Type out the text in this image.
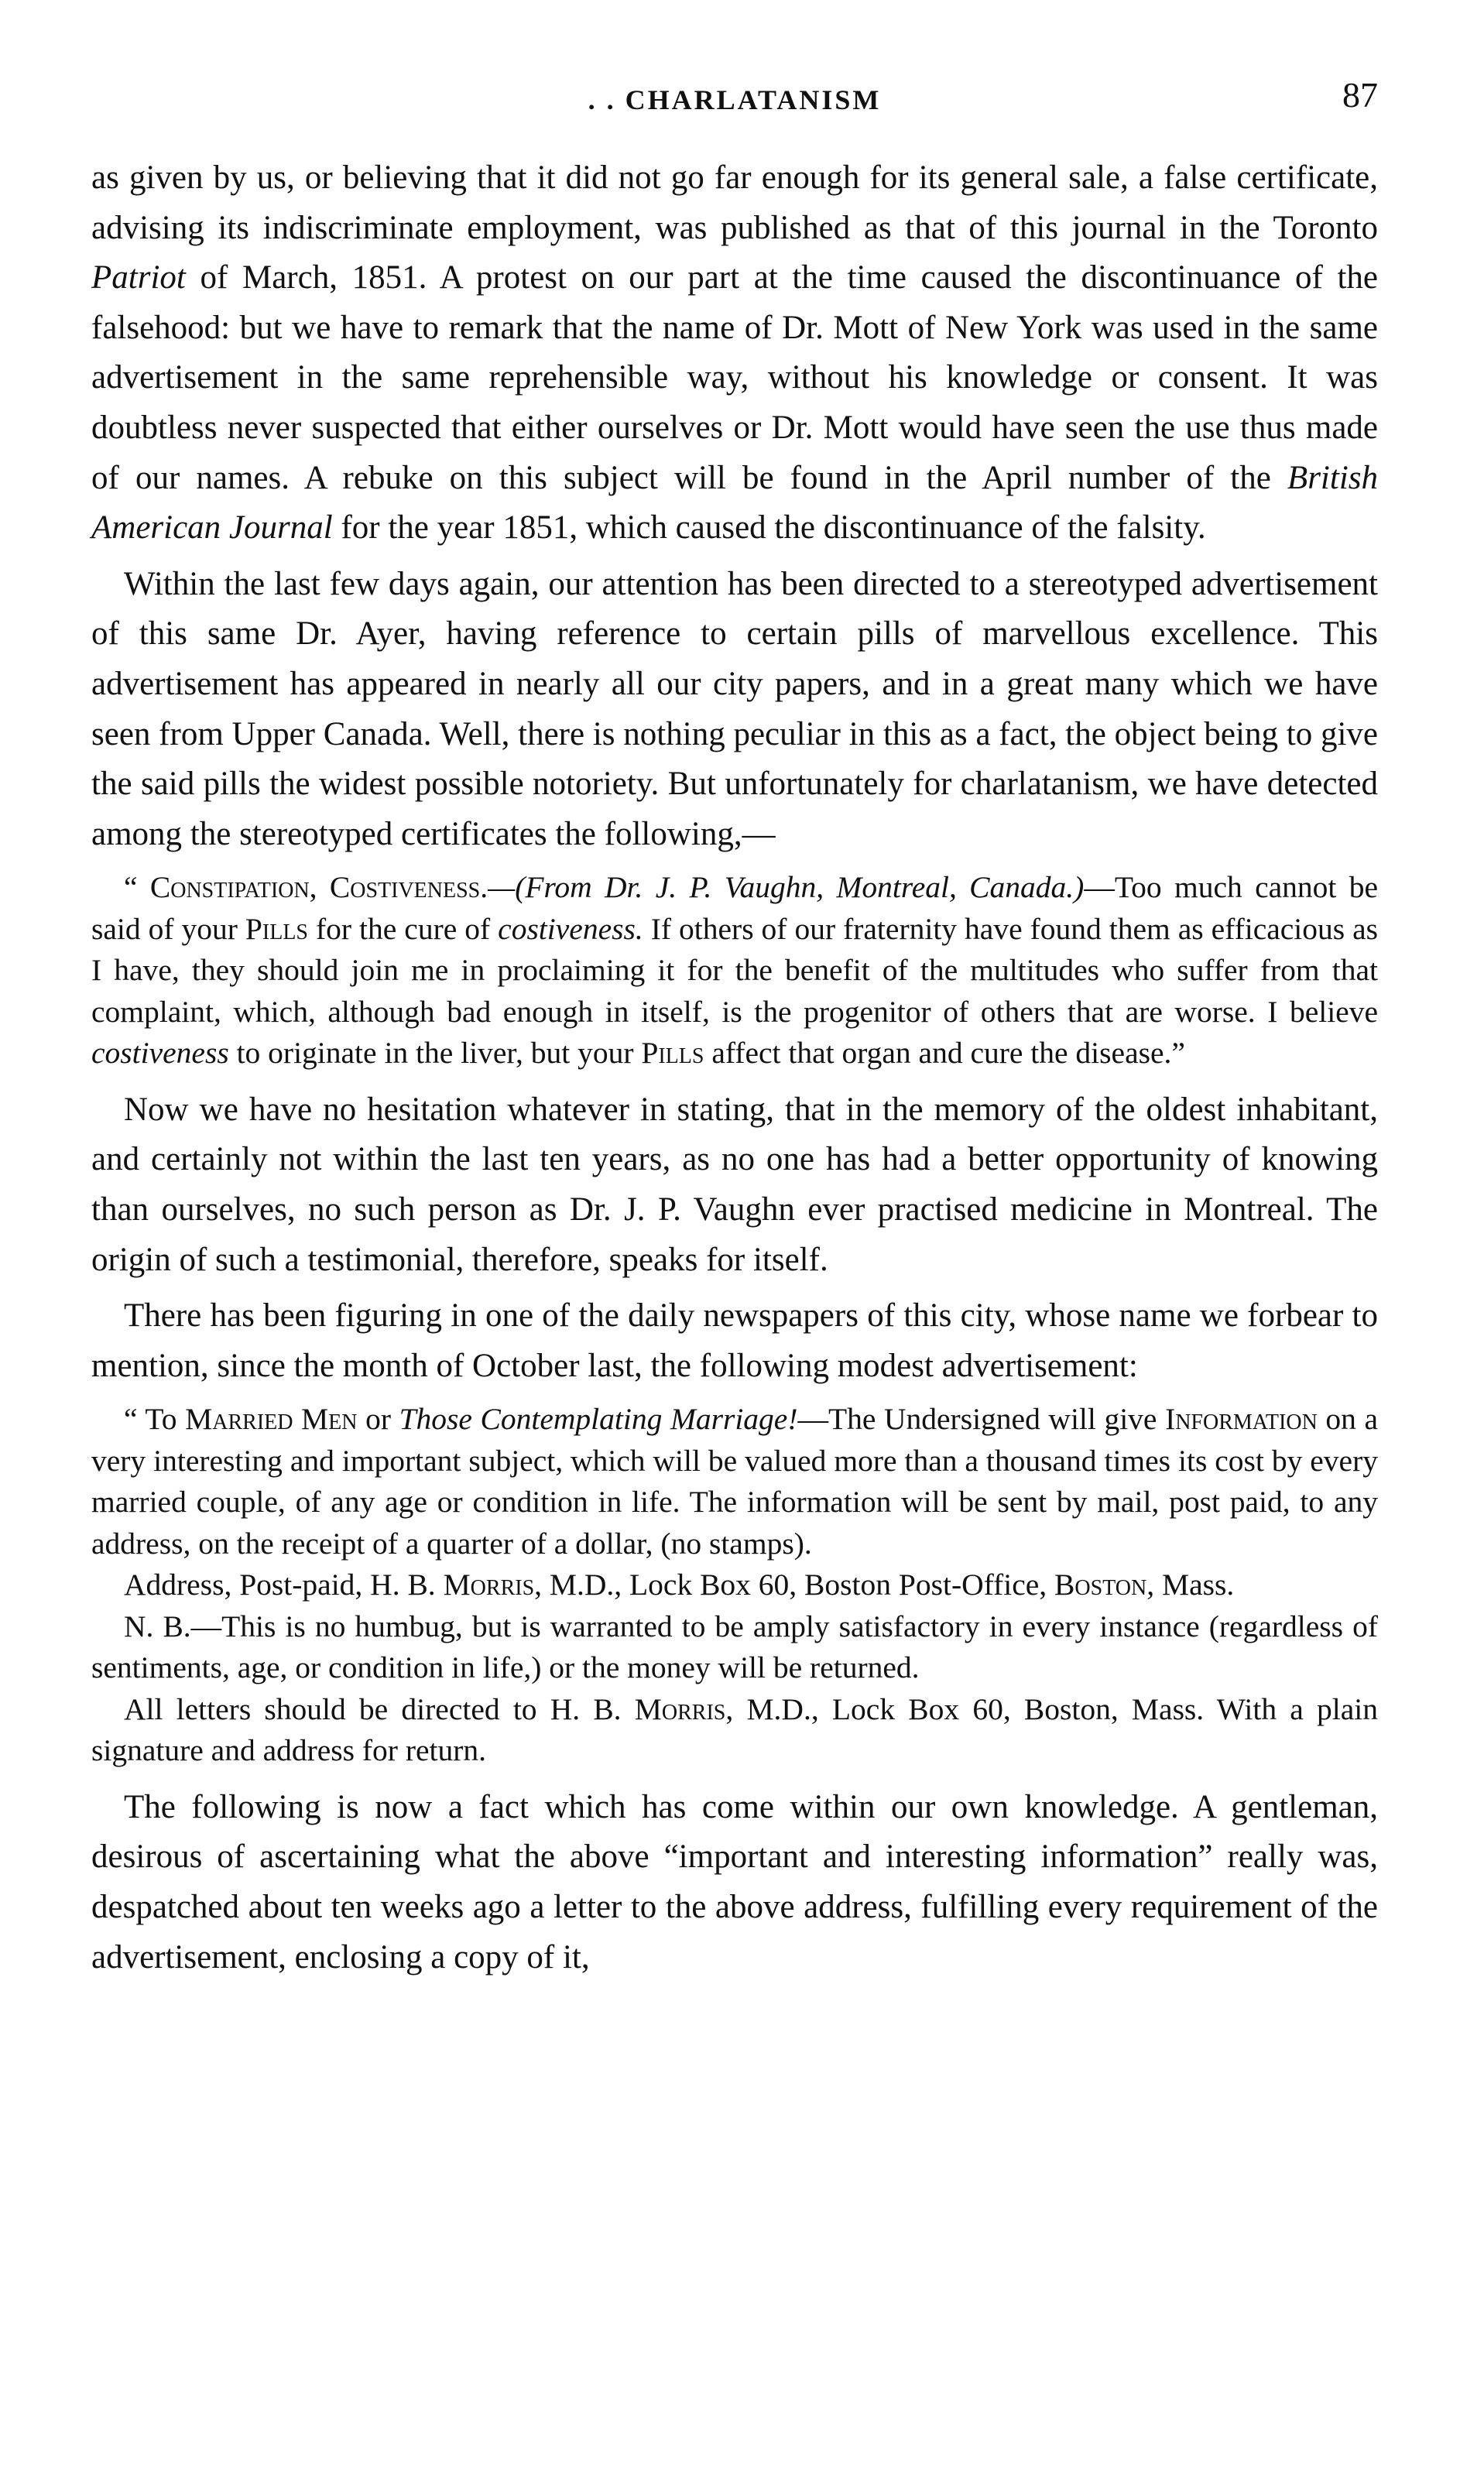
. . CHARLATANISM	87

as given by us, or believing that it did not go far enough for its general sale, a false certificate, advising its indiscriminate employment, was published as that of this journal in the Toronto Patriot of March, 1851. A protest on our part at the time caused the discontinuance of the falsehood: but we have to remark that the name of Dr. Mott of New York was used in the same advertisement in the same reprehensible way, without his knowledge or consent. It was doubtless never suspected that either ourselves or Dr. Mott would have seen the use thus made of our names. A rebuke on this subject will be found in the April number of the British American Journal for the year 1851, which caused the discontinuance of the falsity.

Within the last few days again, our attention has been directed to a stereotyped advertisement of this same Dr. Ayer, having reference to certain pills of marvellous excellence. This advertisement has appeared in nearly all our city papers, and in a great many which we have seen from Upper Canada. Well, there is nothing peculiar in this as a fact, the object being to give the said pills the widest possible notoriety. But unfortunately for charlatanism, we have detected among the stereotyped certificates the following,—

“ Constipation, Costiveness.—(From Dr. J. P. Vaughn, Montreal, Canada.)—Too much cannot be said of your Pills for the cure of costiveness. If others of our fraternity have found them as efficacious as I have, they should join me in proclaiming it for the benefit of the multitudes who suffer from that complaint, which, although bad enough in itself, is the progenitor of others that are worse. I believe costiveness to originate in the liver, but your Pills affect that organ and cure the disease.”

Now we have no hesitation whatever in stating, that in the memory of the oldest inhabitant, and certainly not within the last ten years, as no one has had a better opportunity of knowing than ourselves, no such person as Dr. J. P. Vaughn ever practised medicine in Montreal. The origin of such a testimonial, therefore, speaks for itself.

There has been figuring in one of the daily newspapers of this city, whose name we forbear to mention, since the month of October last, the following modest advertisement:

“ To Married Men or Those Contemplating Marriage!—The Undersigned will give Information on a very interesting and important subject, which will be valued more than a thousand times its cost by every married couple, of any age or condition in life. The information will be sent by mail, post paid, to any address, on the receipt of a quarter of a dollar, (no stamps).

Address, Post-paid, H. B. Morris, M.D., Lock Box 60, Boston Post-Office, Boston, Mass.

N. B.—This is no humbug, but is warranted to be amply satisfactory in every instance (regardless of sentiments, age, or condition in life,) or the money will be returned.

All letters should be directed to H. B. Morris, M.D., Lock Box 60, Boston, Mass. With a plain signature and address for return.

The following is now a fact which has come within our own knowledge. A gentleman, desirous of ascertaining what the above “important and interesting information” really was, despatched about ten weeks ago a letter to the above address, fulfilling every requirement of the advertisement, enclosing a copy of it,
